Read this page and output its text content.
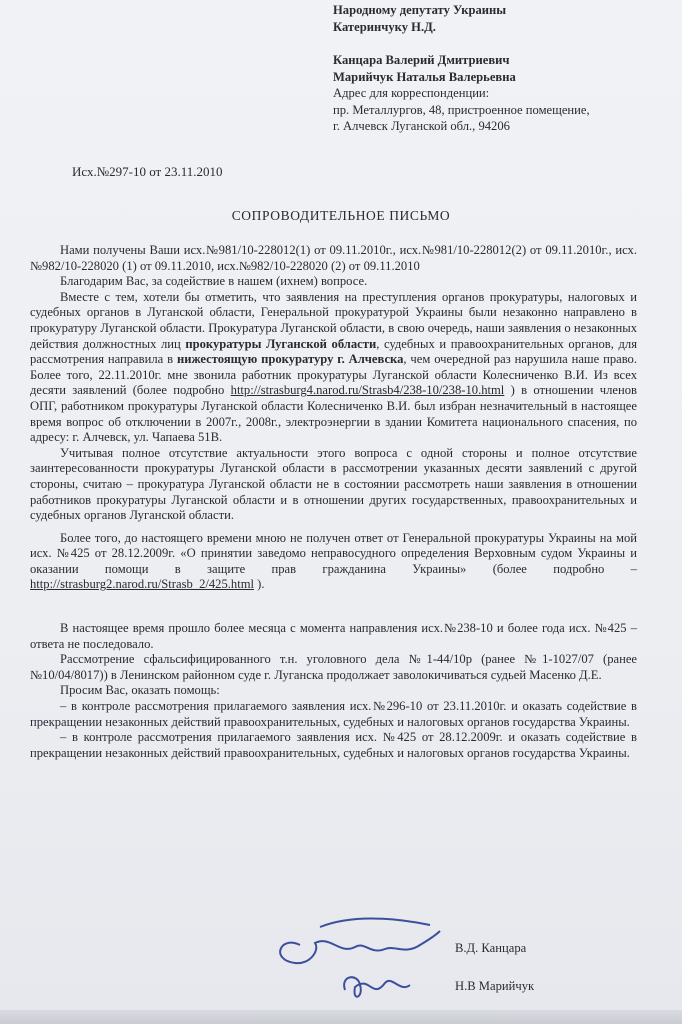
Народному депутату Украины
Катеринчуку Н.Д.
Канцара Валерий Дмитриевич
Марийчук Наталья Валерьевна
Адрес для корреспонденции:
пр. Металлургов, 48, пристроенное помещение,
г. Алчевск Луганской обл., 94206
Исх.№297-10 от 23.11.2010
СОПРОВОДИТЕЛЬНОЕ ПИСЬМО

Нами получены Ваши исх.№981/10-228012(1) от 09.11.2010г., исх.№981/10-228012(2) от 09.11.2010г., исх.№982/10-228020 (1) от 09.11.2010, исх.№982/10-228020 (2) от 09.11.2010

Благодарим Вас, за содействие в нашем (ихнем) вопросе.

Вместе с тем, хотели бы отметить, что заявления на преступления органов прокуратуры, налоговых и судебных органов в Луганской области, Генеральной прокуратурой Украины были незаконно направлено в прокуратуру Луганской области. Прокуратура Луганской области, в свою очередь, наши заявления о незаконных действия должностных лиц прокуратуры Луганской области, судебных и правоохранительных органов, для рассмотрения направила в нижестоящую прокуратуру г. Алчевска, чем очередной раз нарушила наше право. Более того, 22.11.2010г. мне звонила работник прокуратуры Луганской области Колесниченко В.И. Из всех десяти заявлений (более подробно http://strasburg4.narod.ru/Strasb4/238-10/238-10.html ) в отношении членов ОПГ, работником прокуратуры Луганской области Колесниченко В.И. был избран незначительный в настоящее время вопрос об отключении в 2007г., 2008г., электроэнергии в здании Комитета национального спасения, по адресу: г. Алчевск, ул. Чапаева 51В.

Учитывая полное отсутствие актуальности этого вопроса с одной стороны и полное отсутствие заинтересованности прокуратуры Луганской области в рассмотрении указанных десяти заявлений с другой стороны, считаю – прокуратура Луганской области не в состоянии рассмотреть наши заявления в отношении работников прокуратуры Луганской области и в отношении других государственных, правоохранительных и судебных органов Луганской области.

Более того, до настоящего времени мною не получен ответ от Генеральной прокуратуры Украины на мой исх. №425 от 28.12.2009г. «О принятии заведомо неправосудного определения Верховным судом Украины и оказании помощи в защите прав гражданина Украины» (более подробно – http://strasburg2.narod.ru/Strasb_2/425.html ).

В настоящее время прошло более месяца с момента направления исх.№238-10 и более года исх. №425 – ответа не последовало.

Рассмотрение сфальсифицированного т.н. уголовного дела №1-44/10р (ранее №1-1027/07 (ранее №10/04/8017)) в Ленинском районном суде г. Луганска продолжает заволокичиваться судьей Масенко Д.Е.

Просим Вас, оказать помощь:

– в контроле рассмотрения прилагаемого заявления исх.№296-10 от 23.11.2010г. и оказать содействие в прекращении незаконных действий правоохранительных, судебных и налоговых органов государства Украины.

– в контроле рассмотрения прилагаемого заявления исх. №425 от 28.12.2009г. и оказать содействие в прекращении незаконных действий правоохранительных, судебных и налоговых органов государства Украины.

В.Д. Канцара
Н.В Марийчук
